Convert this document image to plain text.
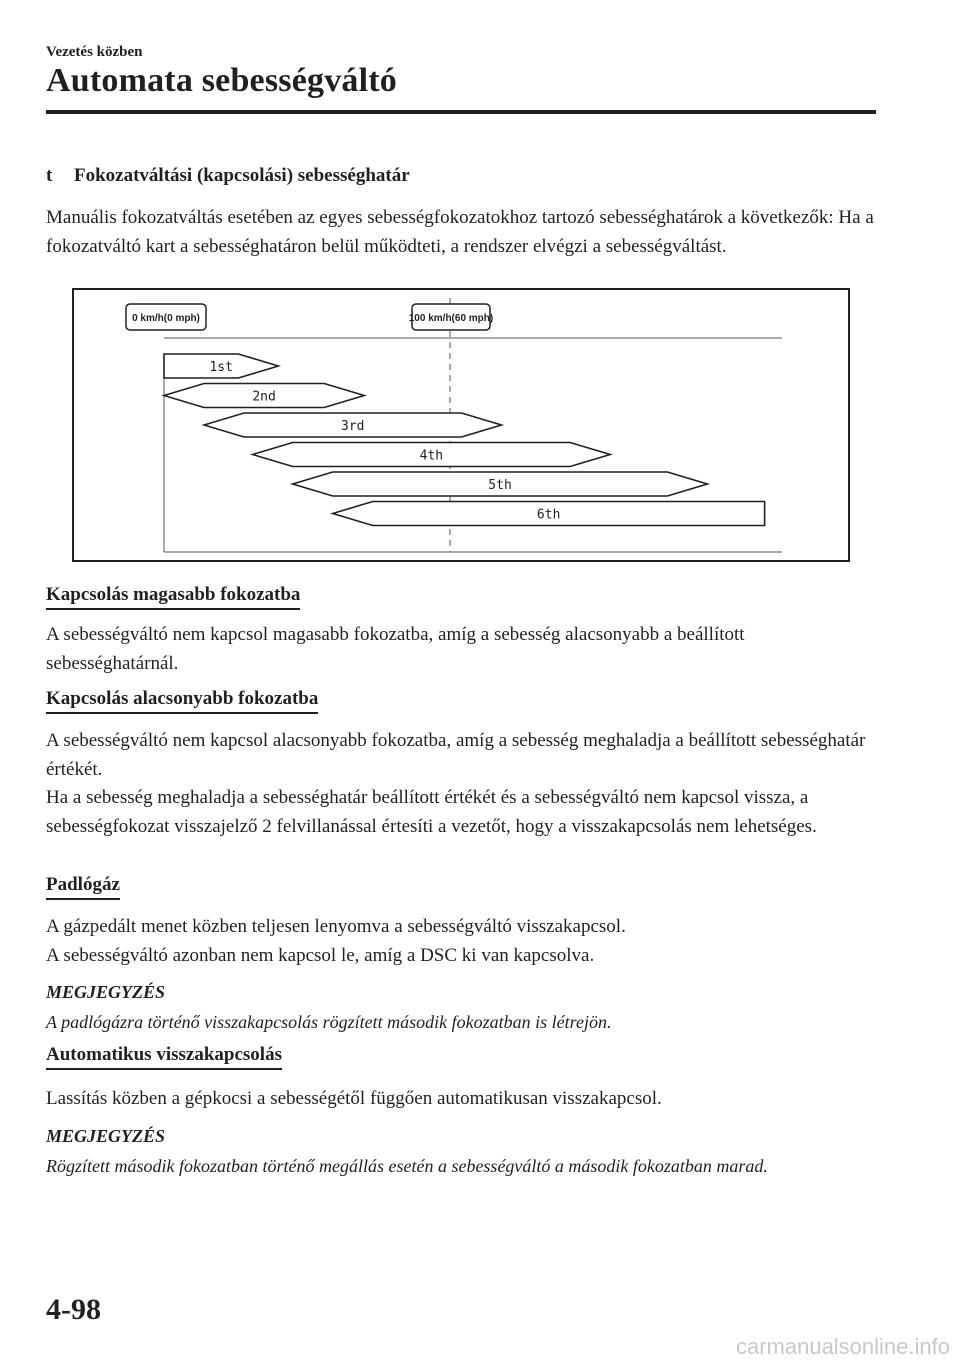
Vezetés közben
Automata sebességváltó
t	Fokozatváltási (kapcsolási) sebességhatár
Manuális fokozatváltás esetében az egyes sebességfokozatokhoz tartozó sebességhatárok a következők: Ha a fokozatváltó kart a sebességhatáron belül működteti, a rendszer elvégzi a sebességváltást.
0 km/h(0 mph)	100 km/h(60 mph)
1st
2nd
3rd
4th
5th
6th
Kapcsolás magasabb fokozatba
A sebességváltó nem kapcsol magasabb fokozatba, amíg a sebesség alacsonyabb a beállított sebességhatárnál.
Kapcsolás alacsonyabb fokozatba
A sebességváltó nem kapcsol alacsonyabb fokozatba, amíg a sebesség meghaladja a beállított sebességhatár értékét.
Ha a sebesség meghaladja a sebességhatár beállított értékét és a sebességváltó nem kapcsol vissza, a sebességfokozat visszajelző 2 felvillanással értesíti a vezetőt, hogy a visszakapcsolás nem lehetséges.
Padlógáz
A gázpedált menet közben teljesen lenyomva a sebességváltó visszakapcsol.
A sebességváltó azonban nem kapcsol le, amíg a DSC ki van kapcsolva.
MEGJEGYZÉS
A padlógázra történő visszakapcsolás rögzített második fokozatban is létrejön.
Automatikus visszakapcsolás
Lassítás közben a gépkocsi a sebességétől függően automatikusan visszakapcsol.
MEGJEGYZÉS
Rögzített második fokozatban történő megállás esetén a sebességváltó a második fokozatban marad.
4-98
carmanualsonline.info
